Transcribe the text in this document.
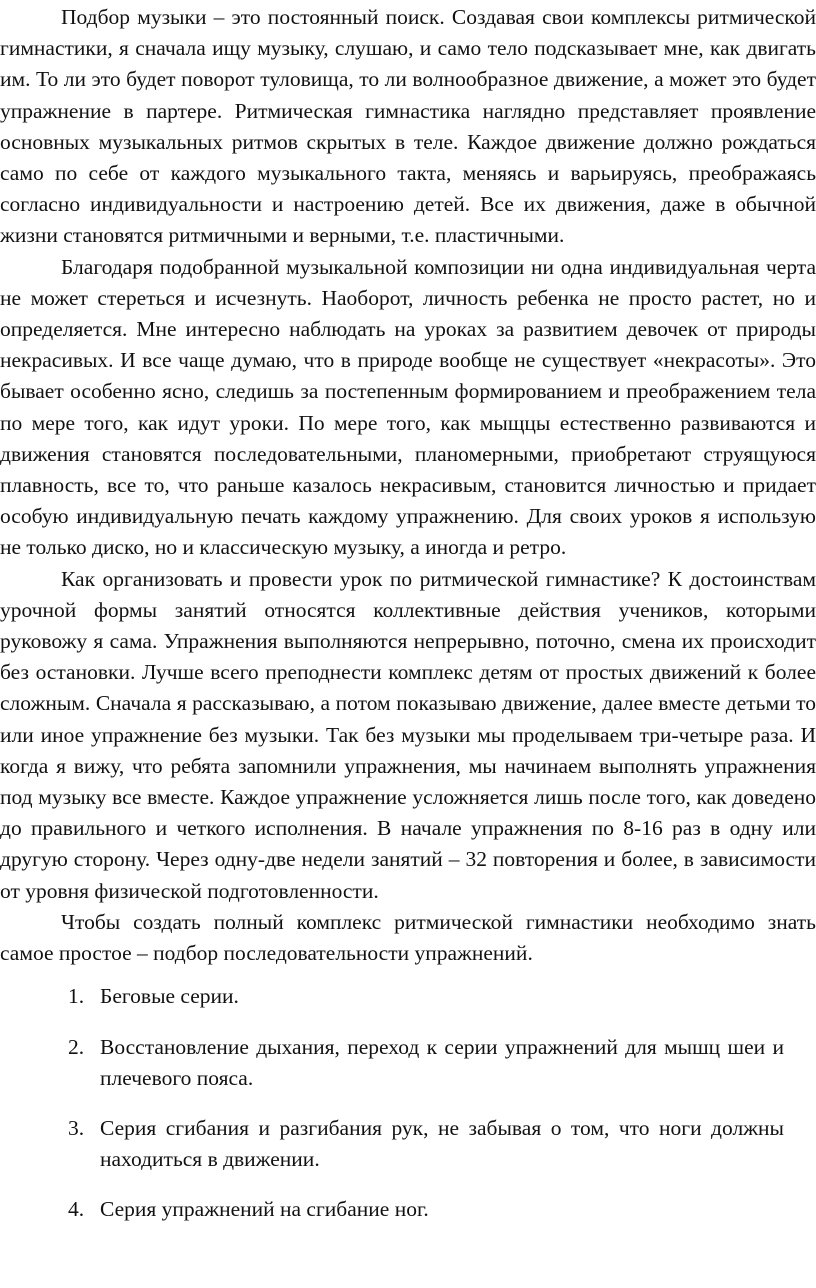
Подбор музыки – это постоянный поиск. Создавая свои комплексы ритмической гимнастики, я сначала ищу музыку, слушаю, и само тело подсказывает мне, как двигать им. То ли это будет поворот туловища, то ли волнообразное движение, а может это будет упражнение в партере. Ритмическая гимнастика наглядно представляет проявление основных музыкальных ритмов скрытых в теле. Каждое движение должно рождаться само по себе от каждого музыкального такта, меняясь и варьируясь, преображаясь согласно индивидуальности и настроению детей. Все их движения, даже в обычной жизни становятся ритмичными и верными, т.е. пластичными.

Благодаря подобранной музыкальной композиции ни одна индивидуальная черта не может стереться и исчезнуть. Наоборот, личность ребенка не просто растет, но и определяется. Мне интересно наблюдать на уроках за развитием девочек от природы некрасивых. И все чаще думаю, что в природе вообще не существует «некрасоты». Это бывает особенно ясно, следишь за постепенным формированием и преображением тела по мере того, как идут уроки. По мере того, как мыщцы естественно развиваются и движения становятся последовательными, планомерными, приобретают струящуюся плавность, все то, что раньше казалось некрасивым, становится личностью и придает особую индивидуальную печать каждому упражнению. Для своих уроков я использую не только диско, но и классическую музыку, а иногда и ретро.

Как организовать и провести урок по ритмической гимнастике? К достоинствам урочной формы занятий относятся коллективные действия учеников, которыми руковожу я сама. Упражнения выполняются непрерывно, поточно, смена их происходит без остановки. Лучше всего преподнести комплекс детям от простых движений к более сложным. Сначала я рассказываю, а потом показываю движение, далее вместе детьми то или иное упражнение без музыки. Так без музыки мы проделываем три-четыре раза. И когда я вижу, что ребята запомнили упражнения, мы начинаем выполнять упражнения под музыку все вместе. Каждое упражнение усложняется лишь после того, как доведено до правильного и четкого исполнения. В начале упражнения по 8-16 раз в одну или другую сторону. Через одну-две недели занятий – 32 повторения и более, в зависимости от уровня физической подготовленности.

Чтобы создать полный комплекс ритмической гимнастики необходимо знать самое простое – подбор последовательности упражнений.

1. Беговые серии.
2. Восстановление дыхания, переход к серии упражнений для мышц шеи и плечевого пояса.
3. Серия сгибания и разгибания рук, не забывая о том, что ноги должны находиться в движении.
4. Серия упражнений на сгибание ног.
